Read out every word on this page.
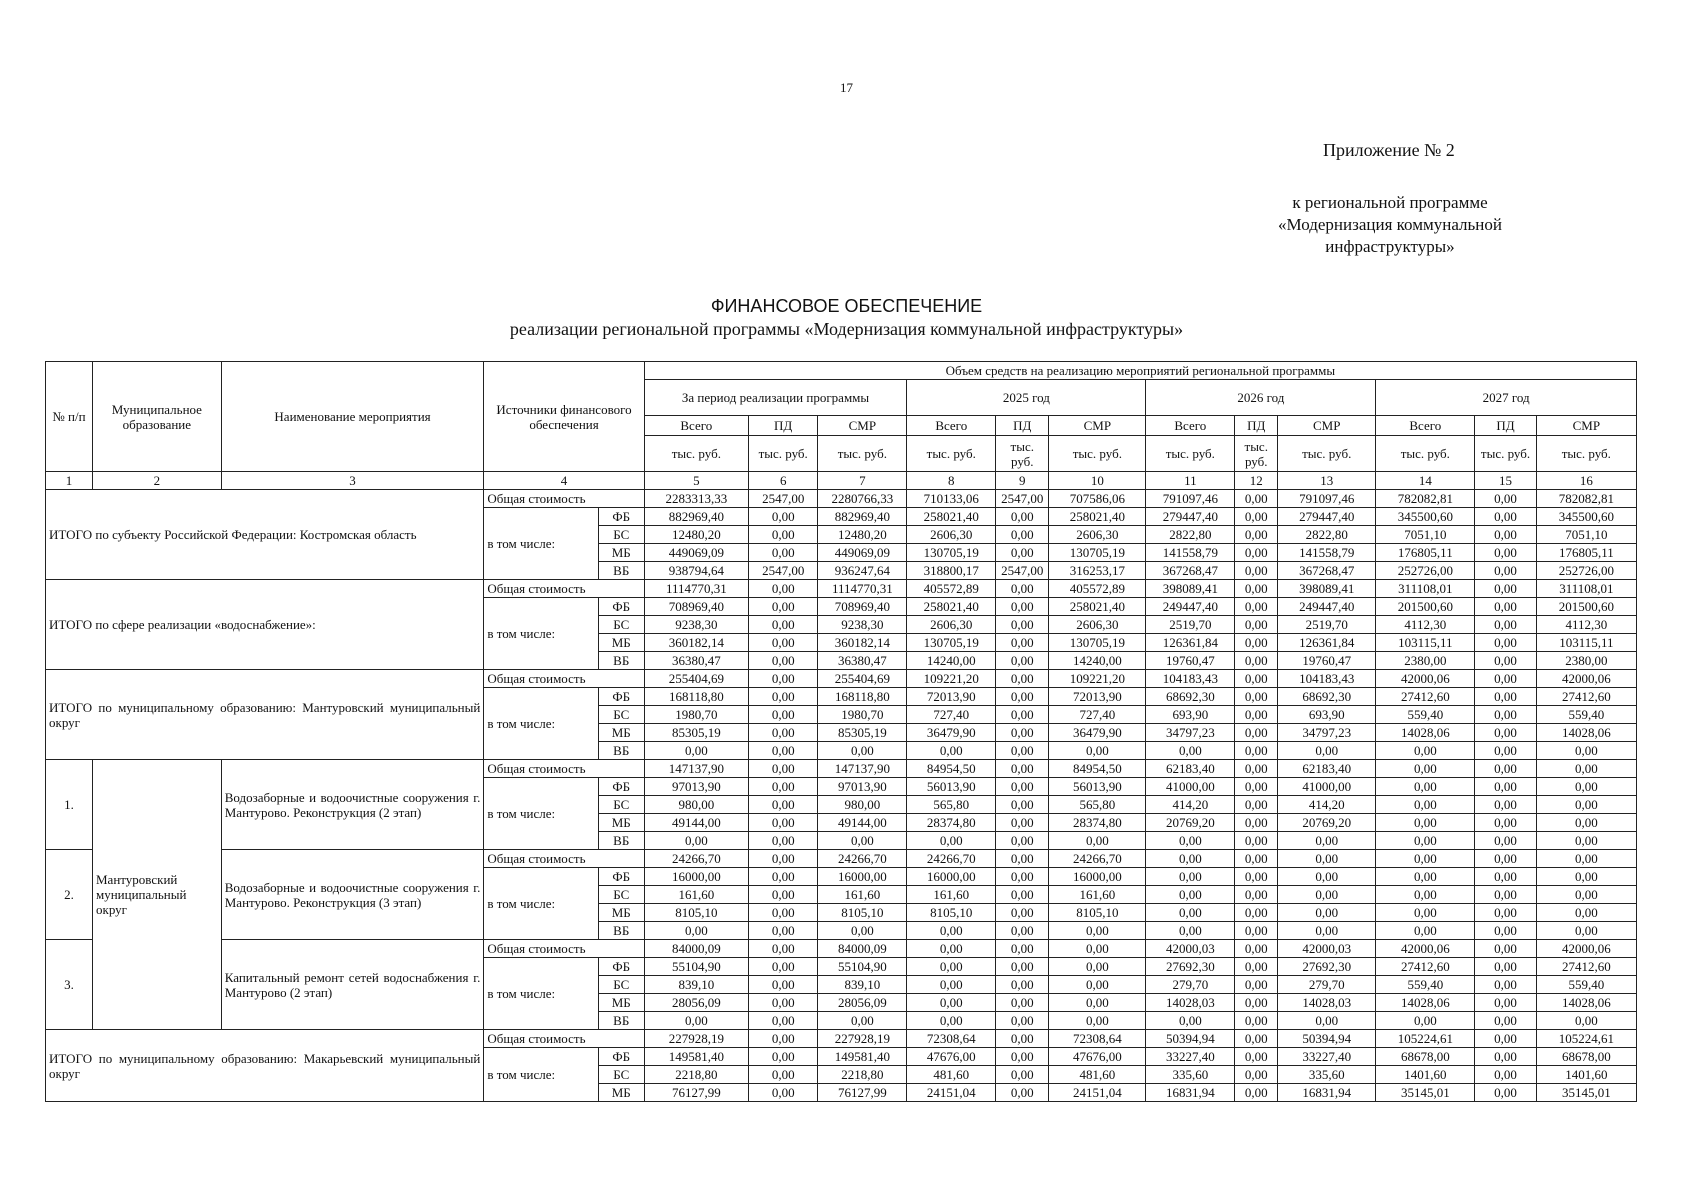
17
Приложение № 2
к региональной программе
«Модернизация коммунальной
инфраструктуры»
ФИНАНСОВОЕ ОБЕСПЕЧЕНИЕ
реализации региональной программы «Модернизация коммунальной инфраструктуры»
№ п/п	Муниципальное образование	Наименование мероприятия	Источники финансового обеспечения		Объем средств на реализацию мероприятий региональной программы											
					За период реализации программы			2025 год			2026 год			2027 год		
					Всего	ПД	СМР	Всего	ПД	СМР	Всего	ПД	СМР	Всего	ПД	СМР
					тыс. руб.	тыс. руб.	тыс. руб.	тыс. руб.	тыс. руб.	тыс. руб.	тыс. руб.	тыс. руб.	тыс. руб.	тыс. руб.	тыс. руб.	тыс. руб.
1	2	3	4		5	6	7	8	9	10	11	12	13	14	15	16
ИТОГО по субъекту Российской Федерации: Костромская область			Общая стоимость		2283313,33	2547,00	2280766,33	710133,06	2547,00	707586,06	791097,46	0,00	791097,46	782082,81	0,00	782082,81
			в том числе:	ФБ	882969,40	0,00	882969,40	258021,40	0,00	258021,40	279447,40	0,00	279447,40	345500,60	0,00	345500,60
				БС	12480,20	0,00	12480,20	2606,30	0,00	2606,30	2822,80	0,00	2822,80	7051,10	0,00	7051,10
				МБ	449069,09	0,00	449069,09	130705,19	0,00	130705,19	141558,79	0,00	141558,79	176805,11	0,00	176805,11
				ВБ	938794,64	2547,00	936247,64	318800,17	2547,00	316253,17	367268,47	0,00	367268,47	252726,00	0,00	252726,00
ИТОГО по сфере реализации «водоснабжение»:			Общая стоимость		1114770,31	0,00	1114770,31	405572,89	0,00	405572,89	398089,41	0,00	398089,41	311108,01	0,00	311108,01
			в том числе:	ФБ	708969,40	0,00	708969,40	258021,40	0,00	258021,40	249447,40	0,00	249447,40	201500,60	0,00	201500,60
				БС	9238,30	0,00	9238,30	2606,30	0,00	2606,30	2519,70	0,00	2519,70	4112,30	0,00	4112,30
				МБ	360182,14	0,00	360182,14	130705,19	0,00	130705,19	126361,84	0,00	126361,84	103115,11	0,00	103115,11
				ВБ	36380,47	0,00	36380,47	14240,00	0,00	14240,00	19760,47	0,00	19760,47	2380,00	0,00	2380,00
ИТОГО по муниципальному образованию: Мантуровский муниципальный округ			Общая стоимость		255404,69	0,00	255404,69	109221,20	0,00	109221,20	104183,43	0,00	104183,43	42000,06	0,00	42000,06
			в том числе:	ФБ	168118,80	0,00	168118,80	72013,90	0,00	72013,90	68692,30	0,00	68692,30	27412,60	0,00	27412,60
				БС	1980,70	0,00	1980,70	727,40	0,00	727,40	693,90	0,00	693,90	559,40	0,00	559,40
				МБ	85305,19	0,00	85305,19	36479,90	0,00	36479,90	34797,23	0,00	34797,23	14028,06	0,00	14028,06
				ВБ	0,00	0,00	0,00	0,00	0,00	0,00	0,00	0,00	0,00	0,00	0,00	0,00
1.	Мантуровский муниципальный округ	Водозаборные и водоочистные сооружения г. Мантурово. Реконструкция (2 этап)	Общая стоимость		147137,90	0,00	147137,90	84954,50	0,00	84954,50	62183,40	0,00	62183,40	0,00	0,00	0,00
			в том числе:	ФБ	97013,90	0,00	97013,90	56013,90	0,00	56013,90	41000,00	0,00	41000,00	0,00	0,00	0,00
				БС	980,00	0,00	980,00	565,80	0,00	565,80	414,20	0,00	414,20	0,00	0,00	0,00
				МБ	49144,00	0,00	49144,00	28374,80	0,00	28374,80	20769,20	0,00	20769,20	0,00	0,00	0,00
				ВБ	0,00	0,00	0,00	0,00	0,00	0,00	0,00	0,00	0,00	0,00	0,00	0,00
2.		Водозаборные и водоочистные сооружения г. Мантурово. Реконструкция (3 этап)	Общая стоимость		24266,70	0,00	24266,70	24266,70	0,00	24266,70	0,00	0,00	0,00	0,00	0,00	0,00
			в том числе:	ФБ	16000,00	0,00	16000,00	16000,00	0,00	16000,00	0,00	0,00	0,00	0,00	0,00	0,00
				БС	161,60	0,00	161,60	161,60	0,00	161,60	0,00	0,00	0,00	0,00	0,00	0,00
				МБ	8105,10	0,00	8105,10	8105,10	0,00	8105,10	0,00	0,00	0,00	0,00	0,00	0,00
				ВБ	0,00	0,00	0,00	0,00	0,00	0,00	0,00	0,00	0,00	0,00	0,00	0,00
3.		Капитальный ремонт сетей водоснабжения г. Мантурово (2 этап)	Общая стоимость		84000,09	0,00	84000,09	0,00	0,00	0,00	42000,03	0,00	42000,03	42000,06	0,00	42000,06
			в том числе:	ФБ	55104,90	0,00	55104,90	0,00	0,00	0,00	27692,30	0,00	27692,30	27412,60	0,00	27412,60
				БС	839,10	0,00	839,10	0,00	0,00	0,00	279,70	0,00	279,70	559,40	0,00	559,40
				МБ	28056,09	0,00	28056,09	0,00	0,00	0,00	14028,03	0,00	14028,03	14028,06	0,00	14028,06
				ВБ	0,00	0,00	0,00	0,00	0,00	0,00	0,00	0,00	0,00	0,00	0,00	0,00
ИТОГО по муниципальному образованию: Макарьевский муниципальный округ			Общая стоимость		227928,19	0,00	227928,19	72308,64	0,00	72308,64	50394,94	0,00	50394,94	105224,61	0,00	105224,61
			в том числе:	ФБ	149581,40	0,00	149581,40	47676,00	0,00	47676,00	33227,40	0,00	33227,40	68678,00	0,00	68678,00
				БС	2218,80	0,00	2218,80	481,60	0,00	481,60	335,60	0,00	335,60	1401,60	0,00	1401,60
				МБ	76127,99	0,00	76127,99	24151,04	0,00	24151,04	16831,94	0,00	16831,94	35145,01	0,00	35145,01
